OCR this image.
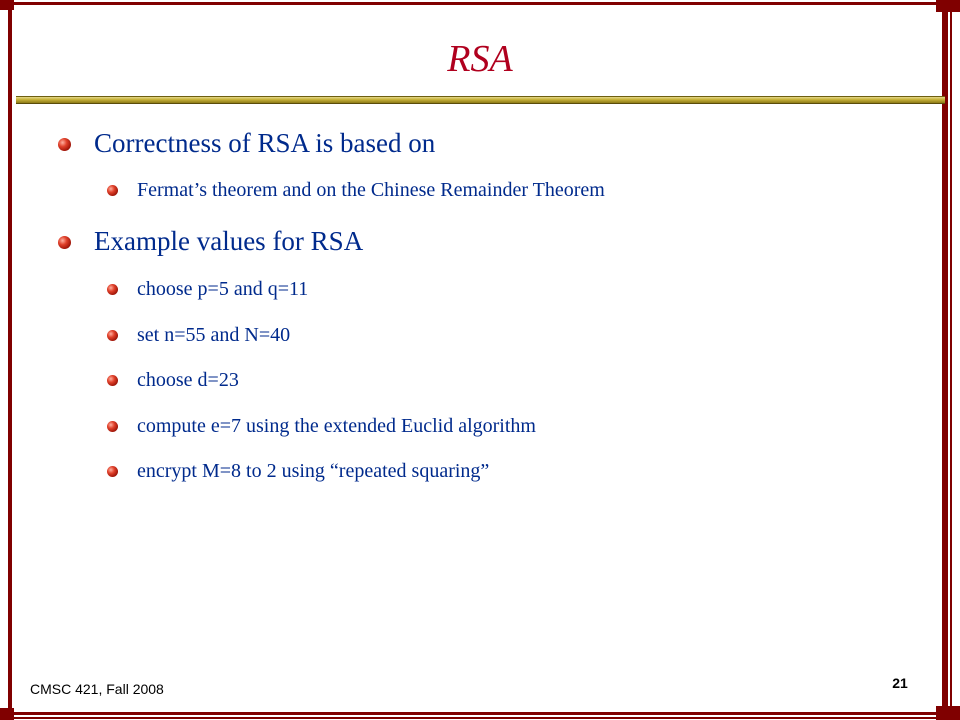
RSA
Correctness of RSA is based on
Fermat’s theorem and on the Chinese Remainder Theorem
Example values for RSA
choose p=5 and q=11
set n=55 and N=40
choose d=23
compute e=7 using the extended Euclid algorithm
encrypt M=8 to 2 using “repeated squaring”
CMSC 421, Fall 2008	21
